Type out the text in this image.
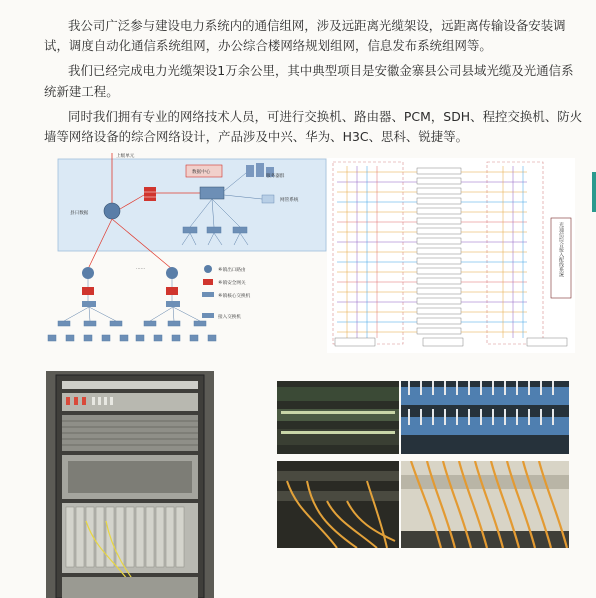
我公司广泛参与建设电力系统内的通信组网，涉及远距离光缆架设，远距离传输设备安装调试，调度自动化通信系统组网，办公综合楼网络规划组网，信息发布系统组网等。

我们已经完成电力光缆架设1万余公里，其中典型项目是安徽金寨县公司县域光缆及光通信系统新建工程。

同时我们拥有专业的网络技术人员，可进行交换机、路由器、PCM，SDH、程控交换机、防火墙等网络设备的综合网络设计，产品涉及中兴、华为、H3C、思科、锐捷等。

上级单元
县日数据
数据中心
服务器群
网管系统
……	乡镇出口路由
乡镇安全网关
乡镇核心交换机
接入交换机
光通信综合接入配线系统
